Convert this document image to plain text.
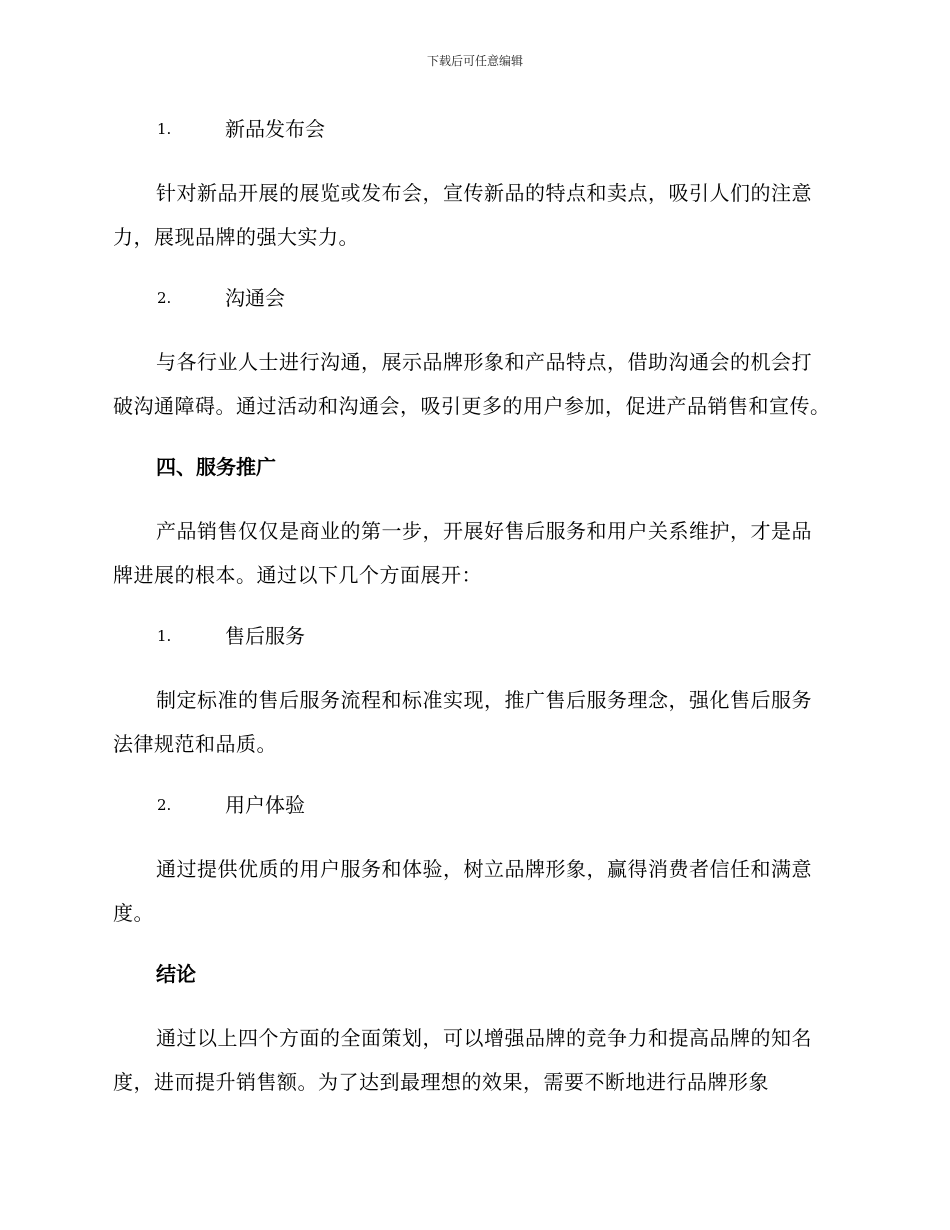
下载后可任意编辑
1.	新品发布会

针对新品开展的展览或发布会，宣传新品的特点和卖点，吸引人们的注意力，展现品牌的强大实力。

2.	沟通会

与各行业人士进行沟通，展示品牌形象和产品特点，借助沟通会的机会打破沟通障碍。通过活动和沟通会，吸引更多的用户参加，促进产品销售和宣传。

四、服务推广

产品销售仅仅是商业的第一步，开展好售后服务和用户关系维护，才是品牌进展的根本。通过以下几个方面展开：

1.	售后服务

制定标准的售后服务流程和标准实现，推广售后服务理念，强化售后服务法律规范和品质。

2.	用户体验

通过提供优质的用户服务和体验，树立品牌形象，赢得消费者信任和满意度。

结论

通过以上四个方面的全面策划，可以增强品牌的竞争力和提高品牌的知名度，进而提升销售额。为了达到最理想的效果，需要不断地进行品牌形象
